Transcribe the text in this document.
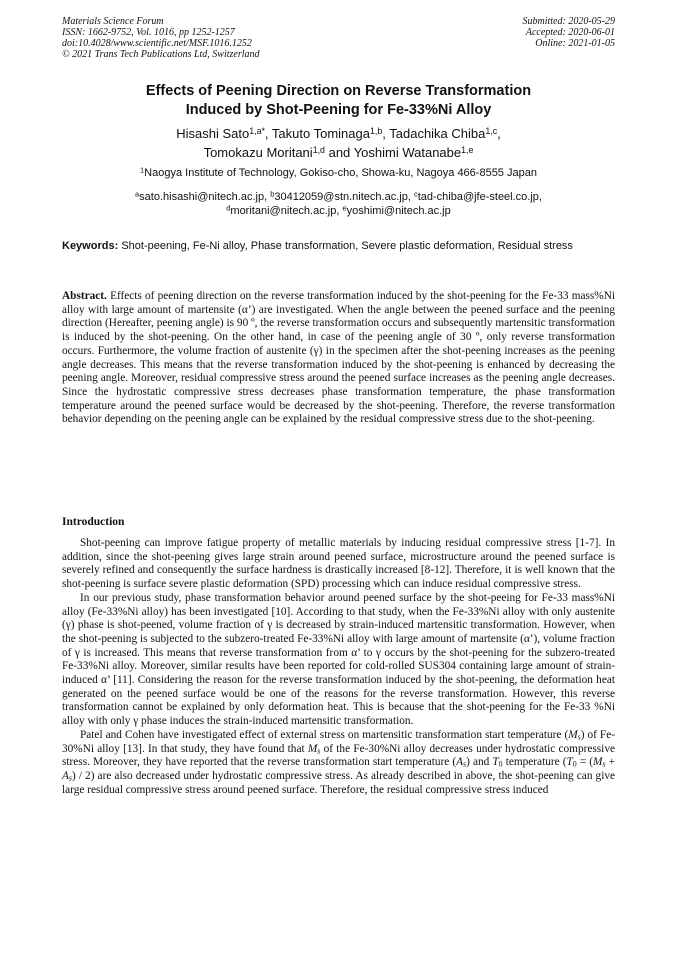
Materials Science Forum
ISSN: 1662-9752, Vol. 1016, pp 1252-1257
doi:10.4028/www.scientific.net/MSF.1016.1252
© 2021 Trans Tech Publications Ltd, Switzerland
Submitted: 2020-05-29
Accepted: 2020-06-01
Online: 2021-01-05
Effects of Peening Direction on Reverse Transformation
Induced by Shot-Peening for Fe-33%Ni Alloy
Hisashi Sato$^{1,a*}$, Takuto Tominaga$^{1,b}$, Tadachika Chiba$^{1,c}$,
Tomokazu Moritani$^{1,d}$ and Yoshimi Watanabe$^{1,e}$
$^1$Naogya Institute of Technology, Gokiso-cho, Showa-ku, Nagoya 466-8555 Japan
$^a$sato.hisashi@nitech.ac.jp, $^b$30412059@stn.nitech.ac.jp, $^c$tad-chiba@jfe-steel.co.jp,
$^d$moritani@nitech.ac.jp, $^e$yoshimi@nitech.ac.jp
Keywords: Shot-peening, Fe-Ni alloy, Phase transformation, Severe plastic deformation, Residual stress
Abstract. Effects of peening direction on the reverse transformation induced by the shot-peening for the Fe-33 mass%Ni alloy with large amount of martensite (α’) are investigated. When the angle between the peened surface and the peening direction (Hereafter, peening angle) is 90 º, the reverse transformation occurs and subsequently martensitic transformation is induced by the shot-peening. On the other hand, in case of the peening angle of 30 º, only reverse transformation occurs. Furthermore, the volume fraction of austenite (γ) in the specimen after the shot-peening increases as the peening angle decreases. This means that the reverse transformation induced by the shot-peening is enhanced by decreasing the peening angle. Moreover, residual compressive stress around the peened surface increases as the peening angle decreases. Since the hydrostatic compressive stress decreases phase transformation temperature, the phase transformation temperature around the peened surface would be decreased by the shot-peening. Therefore, the reverse transformation behavior depending on the peening angle can be explained by the residual compressive stress due to the shot-peening.
Introduction

Shot-peening can improve fatigue property of metallic materials by inducing residual compressive stress [1-7]. In addition, since the shot-peening gives large strain around peened surface, microstructure around the peened surface is severely refined and consequently the surface hardness is drastically increased [8-12]. Therefore, it is well known that the shot-peening is surface severe plastic deformation (SPD) processing which can induce residual compressive stress.

In our previous study, phase transformation behavior around peened surface by the shot-peeing for Fe-33 mass%Ni alloy (Fe-33%Ni alloy) has been investigated [10]. According to that study, when the Fe-33%Ni alloy with only austenite (γ) phase is shot-peened, volume fraction of γ is decreased by strain-induced martensitic transformation. However, when the shot-peening is subjected to the subzero-treated Fe-33%Ni alloy with large amount of martensite (α’), volume fraction of γ is increased. This means that reverse transformation from α’ to γ occurs by the shot-peening for the subzero-treated Fe-33%Ni alloy. Moreover, similar results have been reported for cold-rolled SUS304 containing large amount of strain-induced α’ [11]. Considering the reason for the reverse transformation induced by the shot-peening, the deformation heat generated on the peened surface would be one of the reasons for the reverse transformation. However, this reverse transformation cannot be explained by only deformation heat. This is because that the shot-peening for the Fe-33 %Ni alloy with only γ phase induces the strain-induced martensitic transformation.

Patel and Cohen have investigated effect of external stress on martensitic transformation start temperature $(M_s)$ of Fe-30%Ni alloy [13]. In that study, they have found that $M_s$ of the Fe-30%Ni alloy decreases under hydrostatic compressive stress. Moreover, they have reported that the reverse transformation start temperature $(A_s)$ and $T_0$ temperature $(T_0 = (M_s + A_s) / 2)$ are also decreased under hydrostatic compressive stress. As already described in above, the shot-peening can give large residual compressive stress around peened surface. Therefore, the residual compressive stress induced
